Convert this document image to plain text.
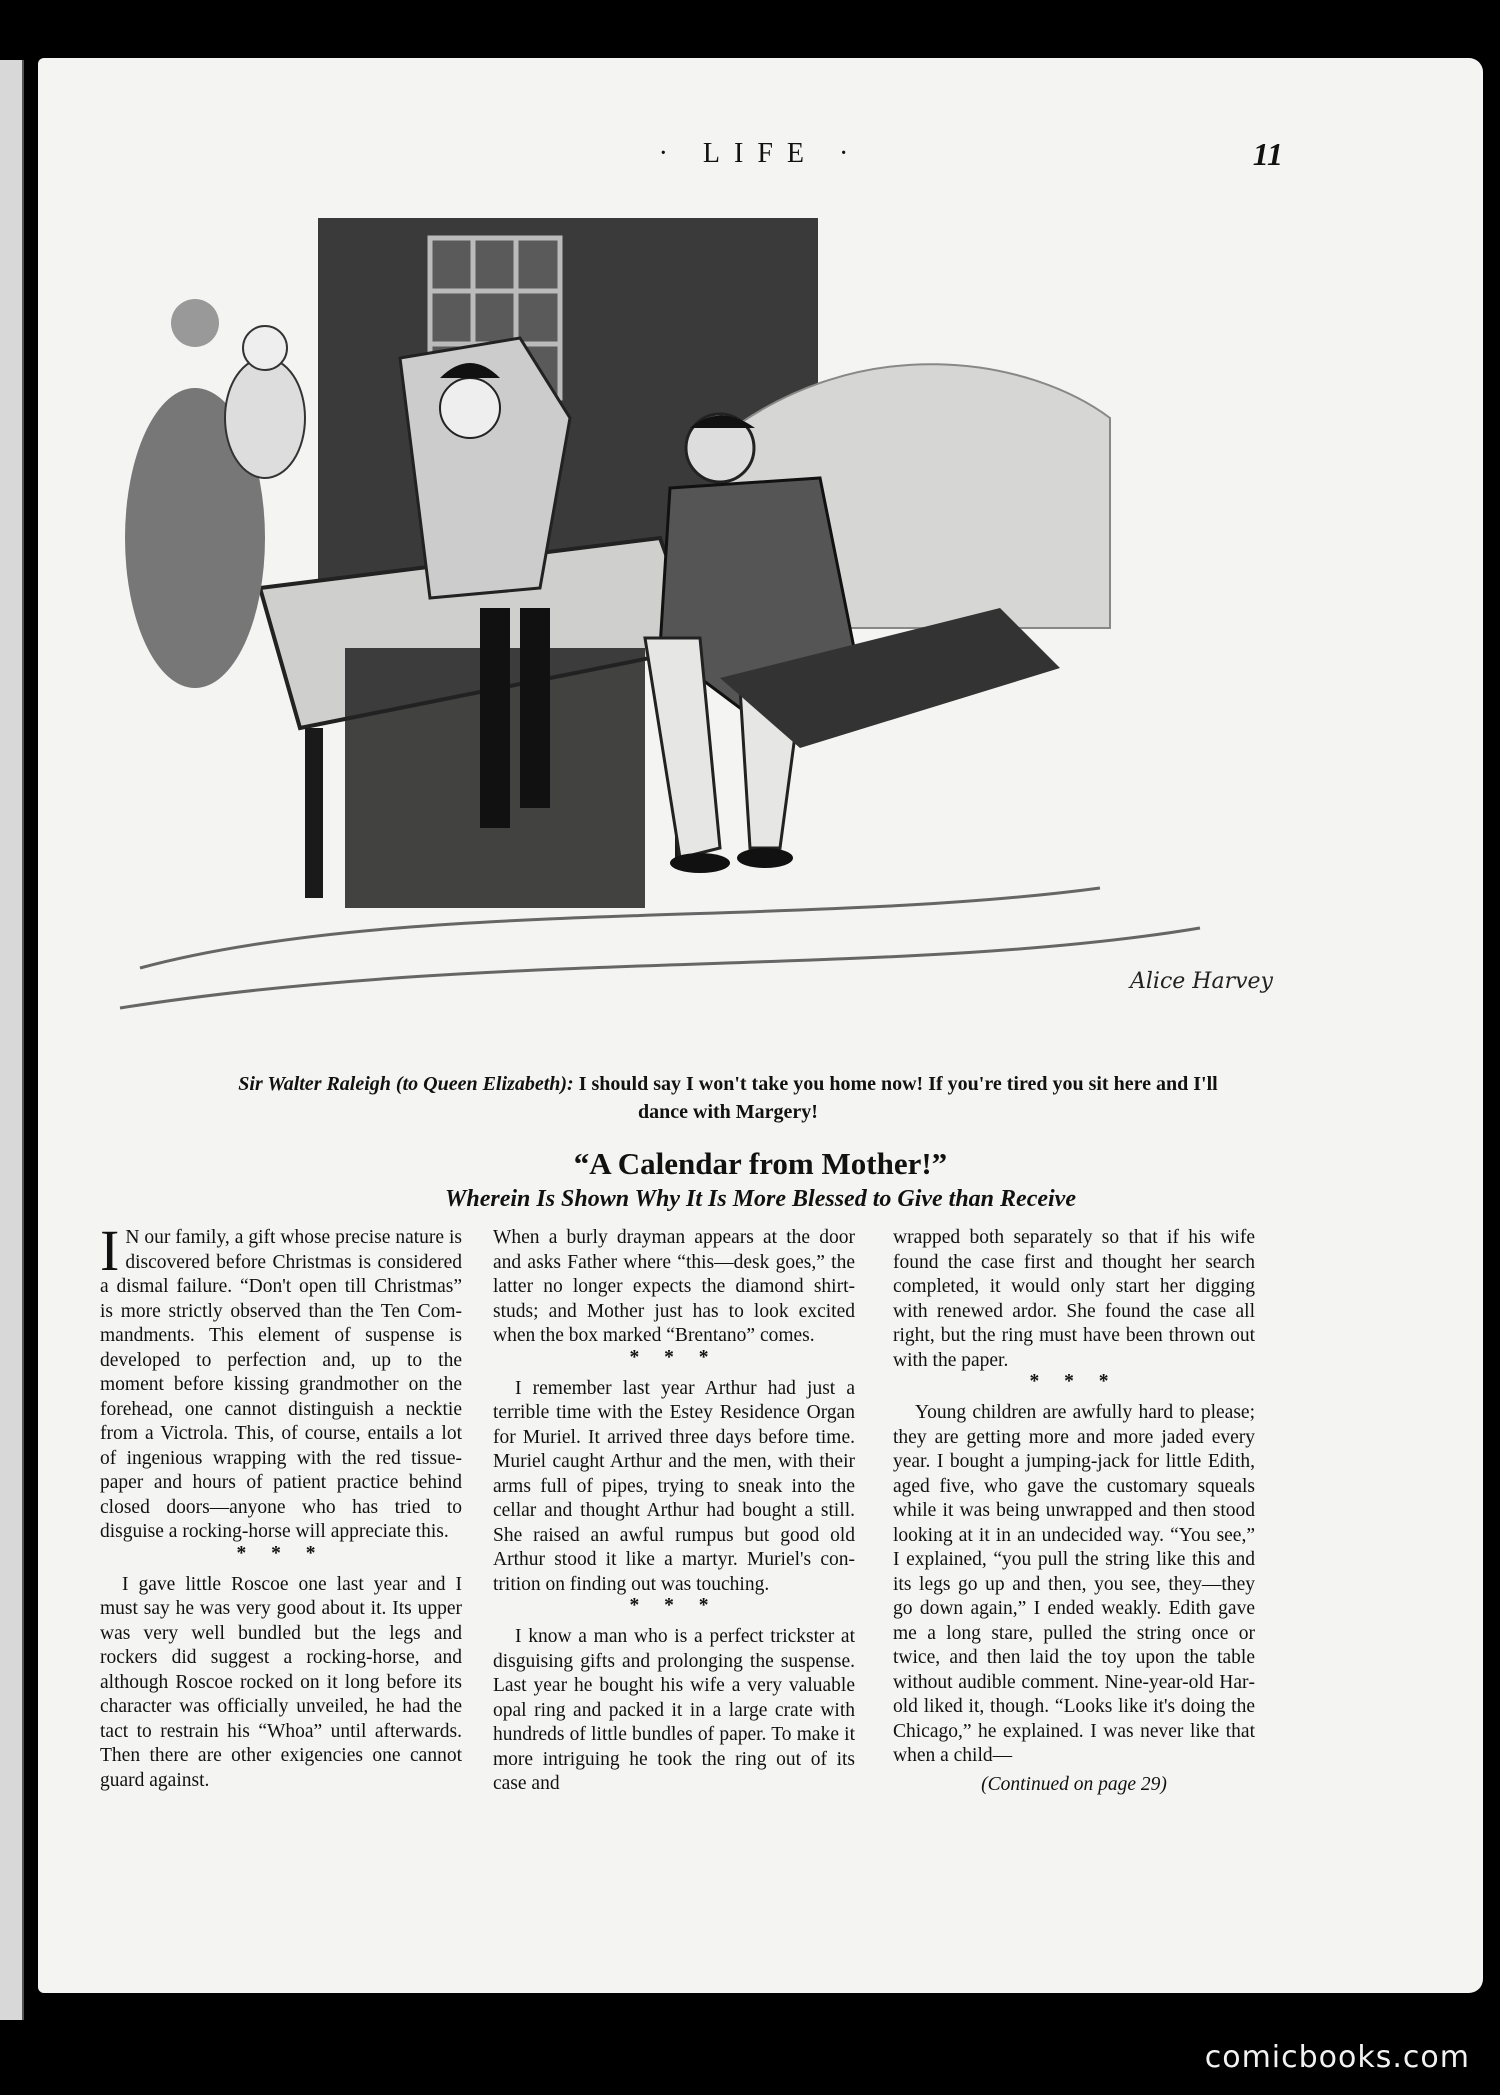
· LIFE ·	11
Alice Harvey
Sir Walter Raleigh (to Queen Elizabeth): I should say I won't take you home now! If you're tired you sit here and I'll dance with Margery!
“A Calendar from Mother!”
Wherein Is Shown Why It Is More Blessed to Give than Receive

I N our family, a gift whose precise nature is discovered before Christmas is considered a dismal failure. “Don't open till Christmas” is more strictly observed than the Ten Commandments. This element of suspense is developed to perfection and, up to the moment before kissing grandmother on the forehead, one cannot distinguish a necktie from a Victrola. This, of course, entails a lot of ingenious wrapping with the red tissue-paper and hours of patient practice behind closed doors—anyone who has tried to disguise a rocking-horse will appreciate this.

* * *

I gave little Roscoe one last year and I must say he was very good about it. Its upper was very well bundled but the legs and rockers did suggest a rocking-horse, and although Roscoe rocked on it long before its character was officially unveiled, he had the tact to restrain his “Whoa” until afterwards. Then there are other exigencies one cannot guard against.

When a burly drayman appears at the door and asks Father where “this—desk goes,” the latter no longer expects the diamond shirt-studs; and Mother just has to look excited when the box marked “Brentano” comes.

* * *

I remember last year Arthur had just a terrible time with the Estey Residence Organ for Muriel. It arrived three days before time. Muriel caught Arthur and the men, with their arms full of pipes, trying to sneak into the cellar and thought Arthur had bought a still. She raised an awful rumpus but good old Arthur stood it like a martyr. Muriel's contrition on finding out was touching.

* * *

I know a man who is a perfect trickster at disguising gifts and prolonging the suspense. Last year he bought his wife a very valuable opal ring and packed it in a large crate with hundreds of little bundles of paper. To make it more intriguing he took the ring out of its case and

wrapped both separately so that if his wife found the case first and thought her search completed, it would only start her digging with renewed ardor. She found the case all right, but the ring must have been thrown out with the paper.

* * *

Young children are awfully hard to please; they are getting more and more jaded every year. I bought a jumping-jack for little Edith, aged five, who gave the customary squeals while it was being unwrapped and then stood looking at it in an undecided way. “You see,” I explained, “you pull the string like this and its legs go up and then, you see, they—they go down again,” I ended weakly. Edith gave me a long stare, pulled the string once or twice, and then laid the toy upon the table without audible comment. Nine-year-old Harold liked it, though. “Looks like it's doing the Chicago,” he explained. I was never like that when a child—

(Continued on page 29)
comicbooks.com
